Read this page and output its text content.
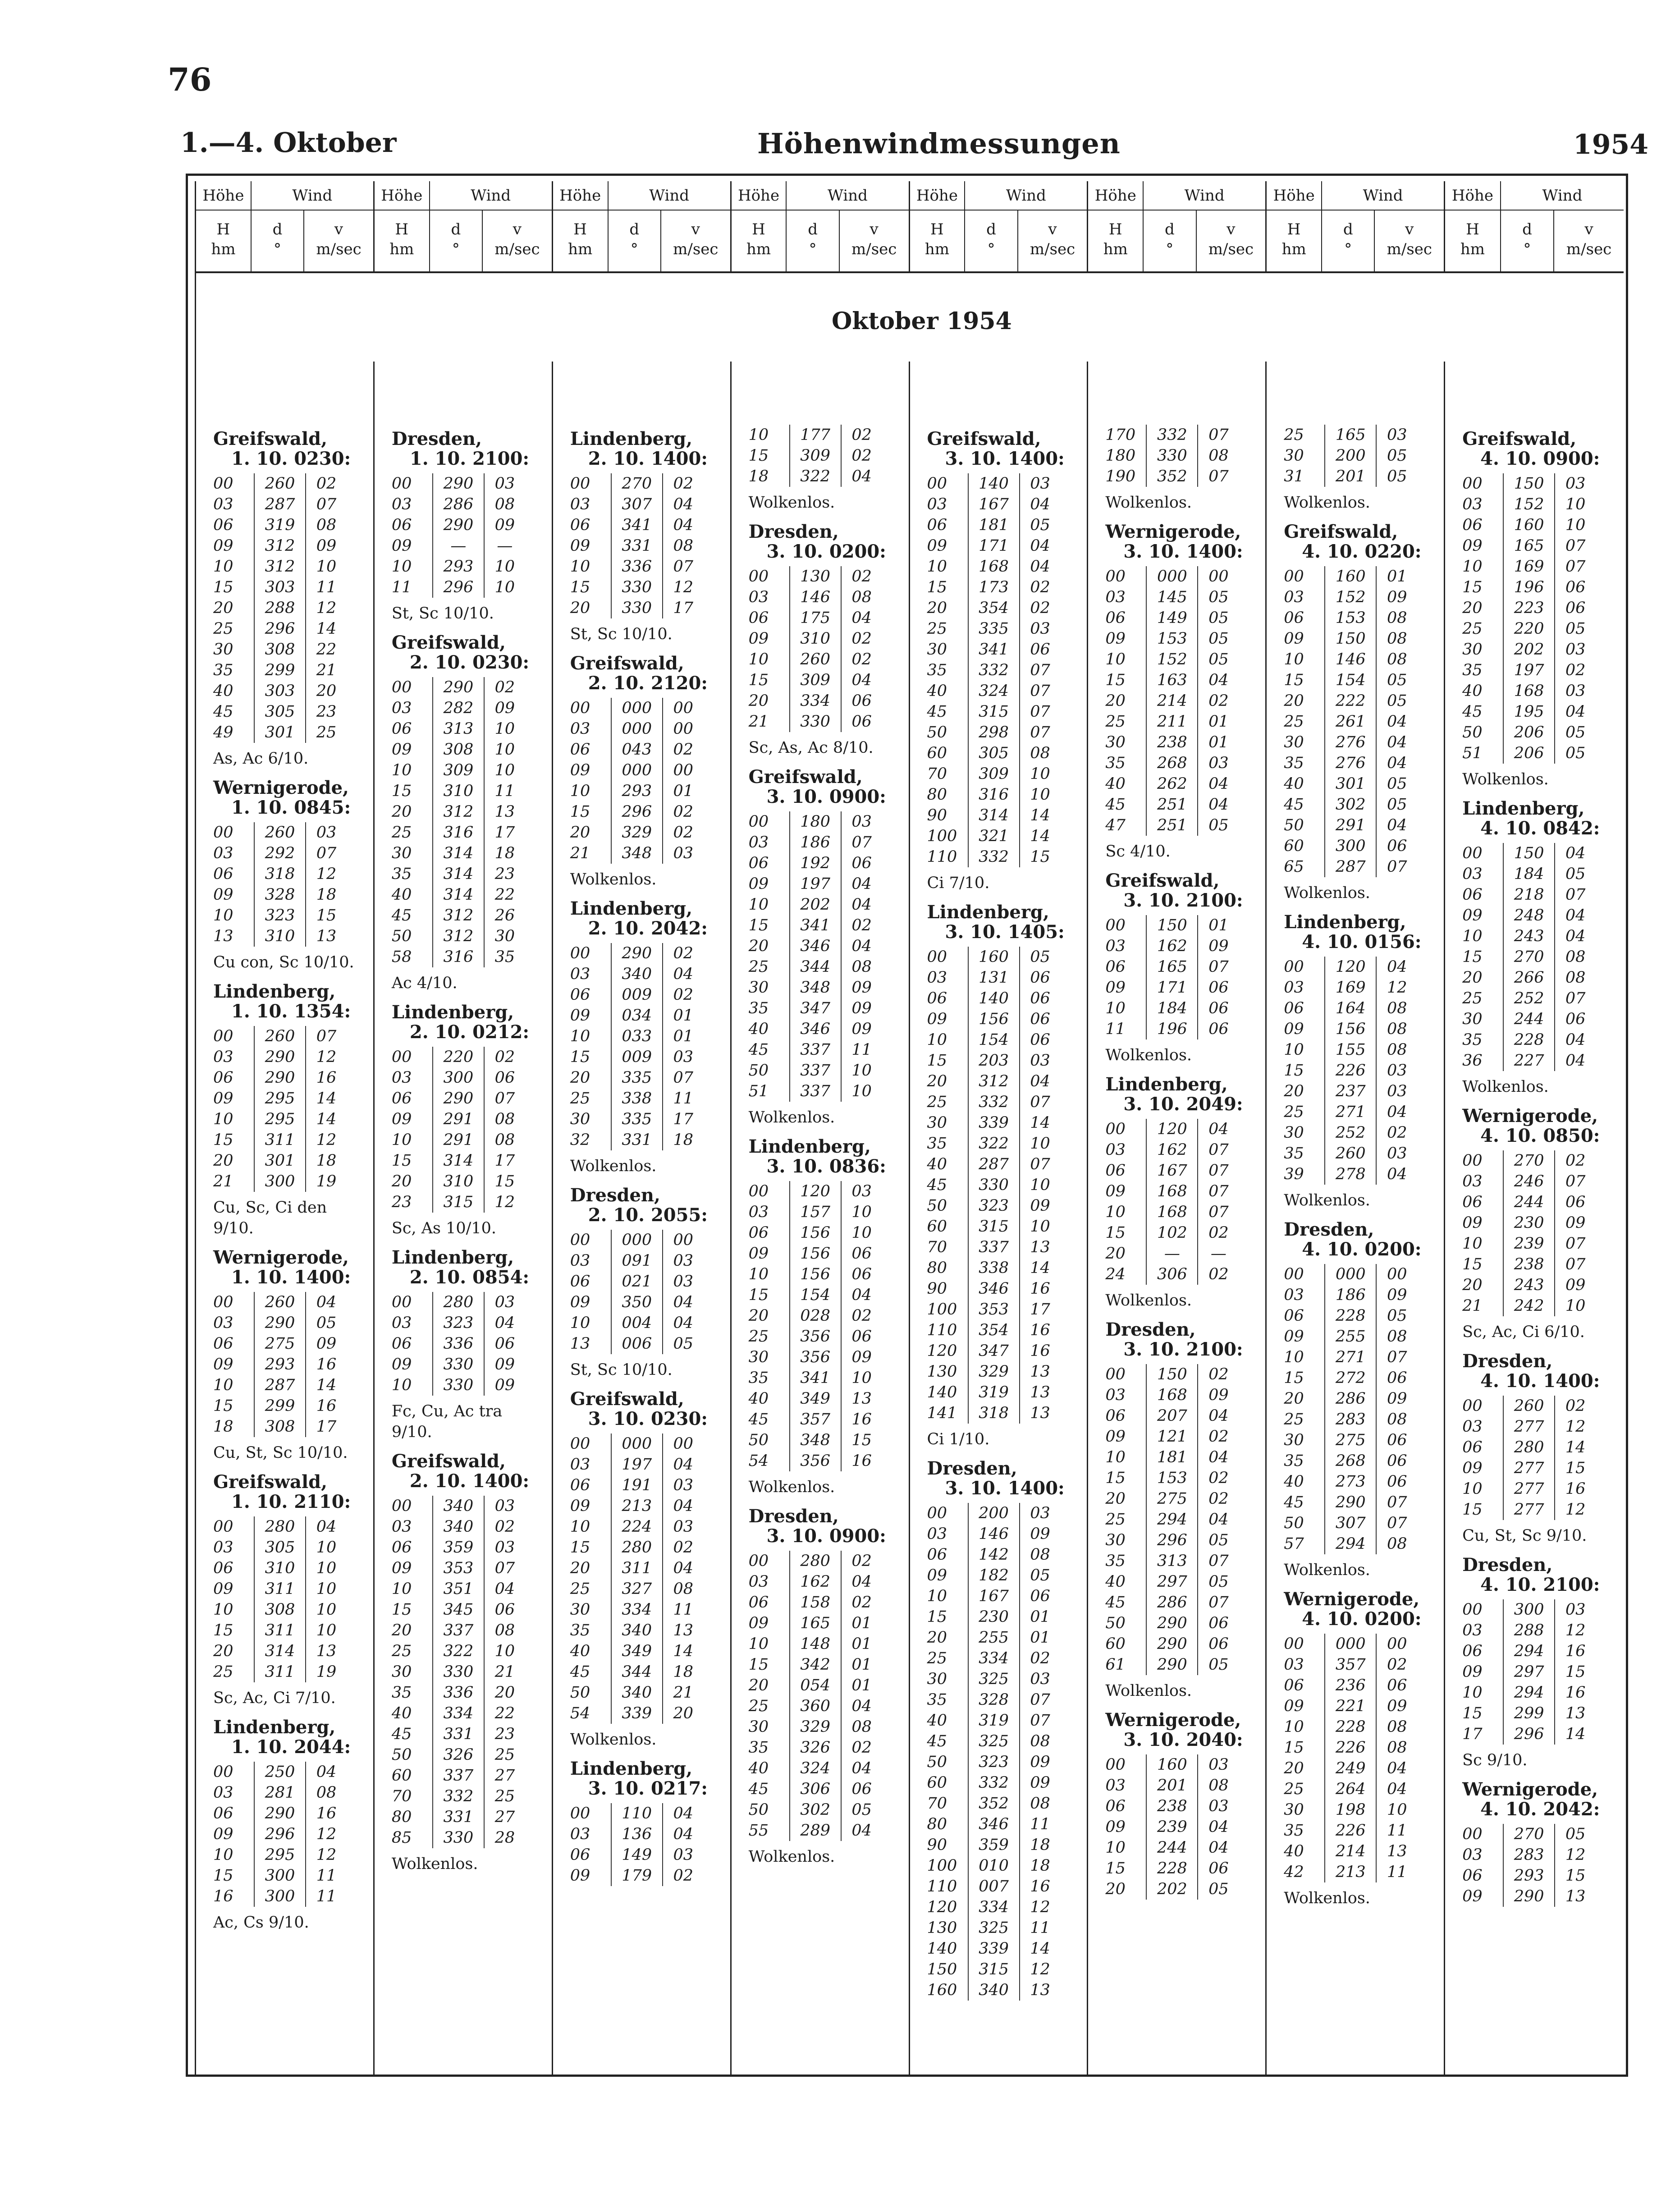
76
1.—4. Oktober	Höhenwindmessungen	1954
Höhe	Wind
H
hm
d
°
v
m/sec
Höhe	Wind
H
hm
d
°
v
m/sec
Höhe	Wind
H
hm
d
°
v
m/sec
Höhe	Wind
H
hm
d
°
v
m/sec
Höhe	Wind
H
hm
d
°
v
m/sec
Höhe	Wind
H
hm
d
°
v
m/sec
Höhe	Wind
H
hm
d
°
v
m/sec
Höhe	Wind
H
hm
d
°
v
m/sec
Oktober 1954
Greifswald,
1. 10. 0230:
00	260	02
03	287	07
06	319	08
09	312	09
10	312	10
15	303	11
20	288	12
25	296	14
30	308	22
35	299	21
40	303	20
45	305	23
49	301	25
As, Ac 6/10.
Wernigerode,
1. 10. 0845:
00	260	03
03	292	07
06	318	12
09	328	18
10	323	15
13	310	13
Cu con, Sc 10/10.
Lindenberg,
1. 10. 1354:
00	260	07
03	290	12
06	290	16
09	295	14
10	295	14
15	311	12
20	301	18
21	300	19
Cu, Sc, Ci den 9/10.
Wernigerode,
1. 10. 1400:
00	260	04
03	290	05
06	275	09
09	293	16
10	287	14
15	299	16
18	308	17
Cu, St, Sc 10/10.
Greifswald,
1. 10. 2110:
00	280	04
03	305	10
06	310	10
09	311	10
10	308	10
15	311	10
20	314	13
25	311	19
Sc, Ac, Ci 7/10.
Lindenberg,
1. 10. 2044:
00	250	04
03	281	08
06	290	16
09	296	12
10	295	12
15	300	11
16	300	11
Ac, Cs 9/10.
Dresden,
1. 10. 2100:
00	290	03
03	286	08
06	290	09
09	—	—
10	293	10
11	296	10
St, Sc 10/10.
Greifswald,
2. 10. 0230:
00	290	02
03	282	09
06	313	10
09	308	10
10	309	10
15	310	11
20	312	13
25	316	17
30	314	18
35	314	23
40	314	22
45	312	26
50	312	30
58	316	35
Ac 4/10.
Lindenberg,
2. 10. 0212:
00	220	02
03	300	06
06	290	07
09	291	08
10	291	08
15	314	17
20	310	15
23	315	12
Sc, As 10/10.
Lindenberg,
2. 10. 0854:
00	280	03
03	323	04
06	336	06
09	330	09
10	330	09
Fc, Cu, Ac tra 9/10.
Greifswald,
2. 10. 1400:
00	340	03
03	340	02
06	359	03
09	353	07
10	351	04
15	345	06
20	337	08
25	322	10
30	330	21
35	336	20
40	334	22
45	331	23
50	326	25
60	337	27
70	332	25
80	331	27
85	330	28
Wolkenlos.
Lindenberg,
2. 10. 1400:
00	270	02
03	307	04
06	341	04
09	331	08
10	336	07
15	330	12
20	330	17
St, Sc 10/10.
Greifswald,
2. 10. 2120:
00	000	00
03	000	00
06	043	02
09	000	00
10	293	01
15	296	02
20	329	02
21	348	03
Wolkenlos.
Lindenberg,
2. 10. 2042:
00	290	02
03	340	04
06	009	02
09	034	01
10	033	01
15	009	03
20	335	07
25	338	11
30	335	17
32	331	18
Wolkenlos.
Dresden,
2. 10. 2055:
00	000	00
03	091	03
06	021	03
09	350	04
10	004	04
13	006	05
St, Sc 10/10.
Greifswald,
3. 10. 0230:
00	000	00
03	197	04
06	191	03
09	213	04
10	224	03
15	280	02
20	311	04
25	327	08
30	334	11
35	340	13
40	349	14
45	344	18
50	340	21
54	339	20
Wolkenlos.
Lindenberg,
3. 10. 0217:
00	110	04
03	136	04
06	149	03
09	179	02
10	177	02
15	309	02
18	322	04
Wolkenlos.
Dresden,
3. 10. 0200:
00	130	02
03	146	08
06	175	04
09	310	02
10	260	02
15	309	04
20	334	06
21	330	06
Sc, As, Ac 8/10.
Greifswald,
3. 10. 0900:
00	180	03
03	186	07
06	192	06
09	197	04
10	202	04
15	341	02
20	346	04
25	344	08
30	348	09
35	347	09
40	346	09
45	337	11
50	337	10
51	337	10
Wolkenlos.
Lindenberg,
3. 10. 0836:
00	120	03
03	157	10
06	156	10
09	156	06
10	156	06
15	154	04
20	028	02
25	356	06
30	356	09
35	341	10
40	349	13
45	357	16
50	348	15
54	356	16
Wolkenlos.
Dresden,
3. 10. 0900:
00	280	02
03	162	04
06	158	02
09	165	01
10	148	01
15	342	01
20	054	01
25	360	04
30	329	08
35	326	02
40	324	04
45	306	06
50	302	05
55	289	04
Wolkenlos.
Greifswald,
3. 10. 1400:
00	140	03
03	167	04
06	181	05
09	171	04
10	168	04
15	173	02
20	354	02
25	335	03
30	341	06
35	332	07
40	324	07
45	315	07
50	298	07
60	305	08
70	309	10
80	316	10
90	314	14
100	321	14
110	332	15
Ci 7/10.
Lindenberg,
3. 10. 1405:
00	160	05
03	131	06
06	140	06
09	156	06
10	154	06
15	203	03
20	312	04
25	332	07
30	339	14
35	322	10
40	287	07
45	330	10
50	323	09
60	315	10
70	337	13
80	338	14
90	346	16
100	353	17
110	354	16
120	347	16
130	329	13
140	319	13
141	318	13
Ci 1/10.
Dresden,
3. 10. 1400:
00	200	03
03	146	09
06	142	08
09	182	05
10	167	06
15	230	01
20	255	01
25	334	02
30	325	03
35	328	07
40	319	07
45	325	08
50	323	09
60	332	09
70	352	08
80	346	11
90	359	18
100	010	18
110	007	16
120	334	12
130	325	11
140	339	14
150	315	12
160	340	13
170	332	07
180	330	08
190	352	07
Wolkenlos.
Wernigerode,
3. 10. 1400:
00	000	00
03	145	05
06	149	05
09	153	05
10	152	05
15	163	04
20	214	02
25	211	01
30	238	01
35	268	03
40	262	04
45	251	04
47	251	05
Sc 4/10.
Greifswald,
3. 10. 2100:
00	150	01
03	162	09
06	165	07
09	171	06
10	184	06
11	196	06
Wolkenlos.
Lindenberg,
3. 10. 2049:
00	120	04
03	162	07
06	167	07
09	168	07
10	168	07
15	102	02
20	—	—
24	306	02
Wolkenlos.
Dresden,
3. 10. 2100:
00	150	02
03	168	09
06	207	04
09	121	02
10	181	04
15	153	02
20	275	02
25	294	04
30	296	05
35	313	07
40	297	05
45	286	07
50	290	06
60	290	06
61	290	05
Wolkenlos.
Wernigerode,
3. 10. 2040:
00	160	03
03	201	08
06	238	03
09	239	04
10	244	04
15	228	06
20	202	05
25	165	03
30	200	05
31	201	05
Wolkenlos.
Greifswald,
4. 10. 0220:
00	160	01
03	152	09
06	153	08
09	150	08
10	146	08
15	154	05
20	222	05
25	261	04
30	276	04
35	276	04
40	301	05
45	302	05
50	291	04
60	300	06
65	287	07
Wolkenlos.
Lindenberg,
4. 10. 0156:
00	120	04
03	169	12
06	164	08
09	156	08
10	155	08
15	226	03
20	237	03
25	271	04
30	252	02
35	260	03
39	278	04
Wolkenlos.
Dresden,
4. 10. 0200:
00	000	00
03	186	09
06	228	05
09	255	08
10	271	07
15	272	06
20	286	09
25	283	08
30	275	06
35	268	06
40	273	06
45	290	07
50	307	07
57	294	08
Wolkenlos.
Wernigerode,
4. 10. 0200:
00	000	00
03	357	02
06	236	06
09	221	09
10	228	08
15	226	08
20	249	04
25	264	04
30	198	10
35	226	11
40	214	13
42	213	11
Wolkenlos.
Greifswald,
4. 10. 0900:
00	150	03
03	152	10
06	160	10
09	165	07
10	169	07
15	196	06
20	223	06
25	220	05
30	202	03
35	197	02
40	168	03
45	195	04
50	206	05
51	206	05
Wolkenlos.
Lindenberg,
4. 10. 0842:
00	150	04
03	184	05
06	218	07
09	248	04
10	243	04
15	270	08
20	266	08
25	252	07
30	244	06
35	228	04
36	227	04
Wolkenlos.
Wernigerode,
4. 10. 0850:
00	270	02
03	246	07
06	244	06
09	230	09
10	239	07
15	238	07
20	243	09
21	242	10
Sc, Ac, Ci 6/10.
Dresden,
4. 10. 1400:
00	260	02
03	277	12
06	280	14
09	277	15
10	277	16
15	277	12
Cu, St, Sc 9/10.
Dresden,
4. 10. 2100:
00	300	03
03	288	12
06	294	16
09	297	15
10	294	16
15	299	13
17	296	14
Sc 9/10.
Wernigerode,
4. 10. 2042:
00	270	05
03	283	12
06	293	15
09	290	13
